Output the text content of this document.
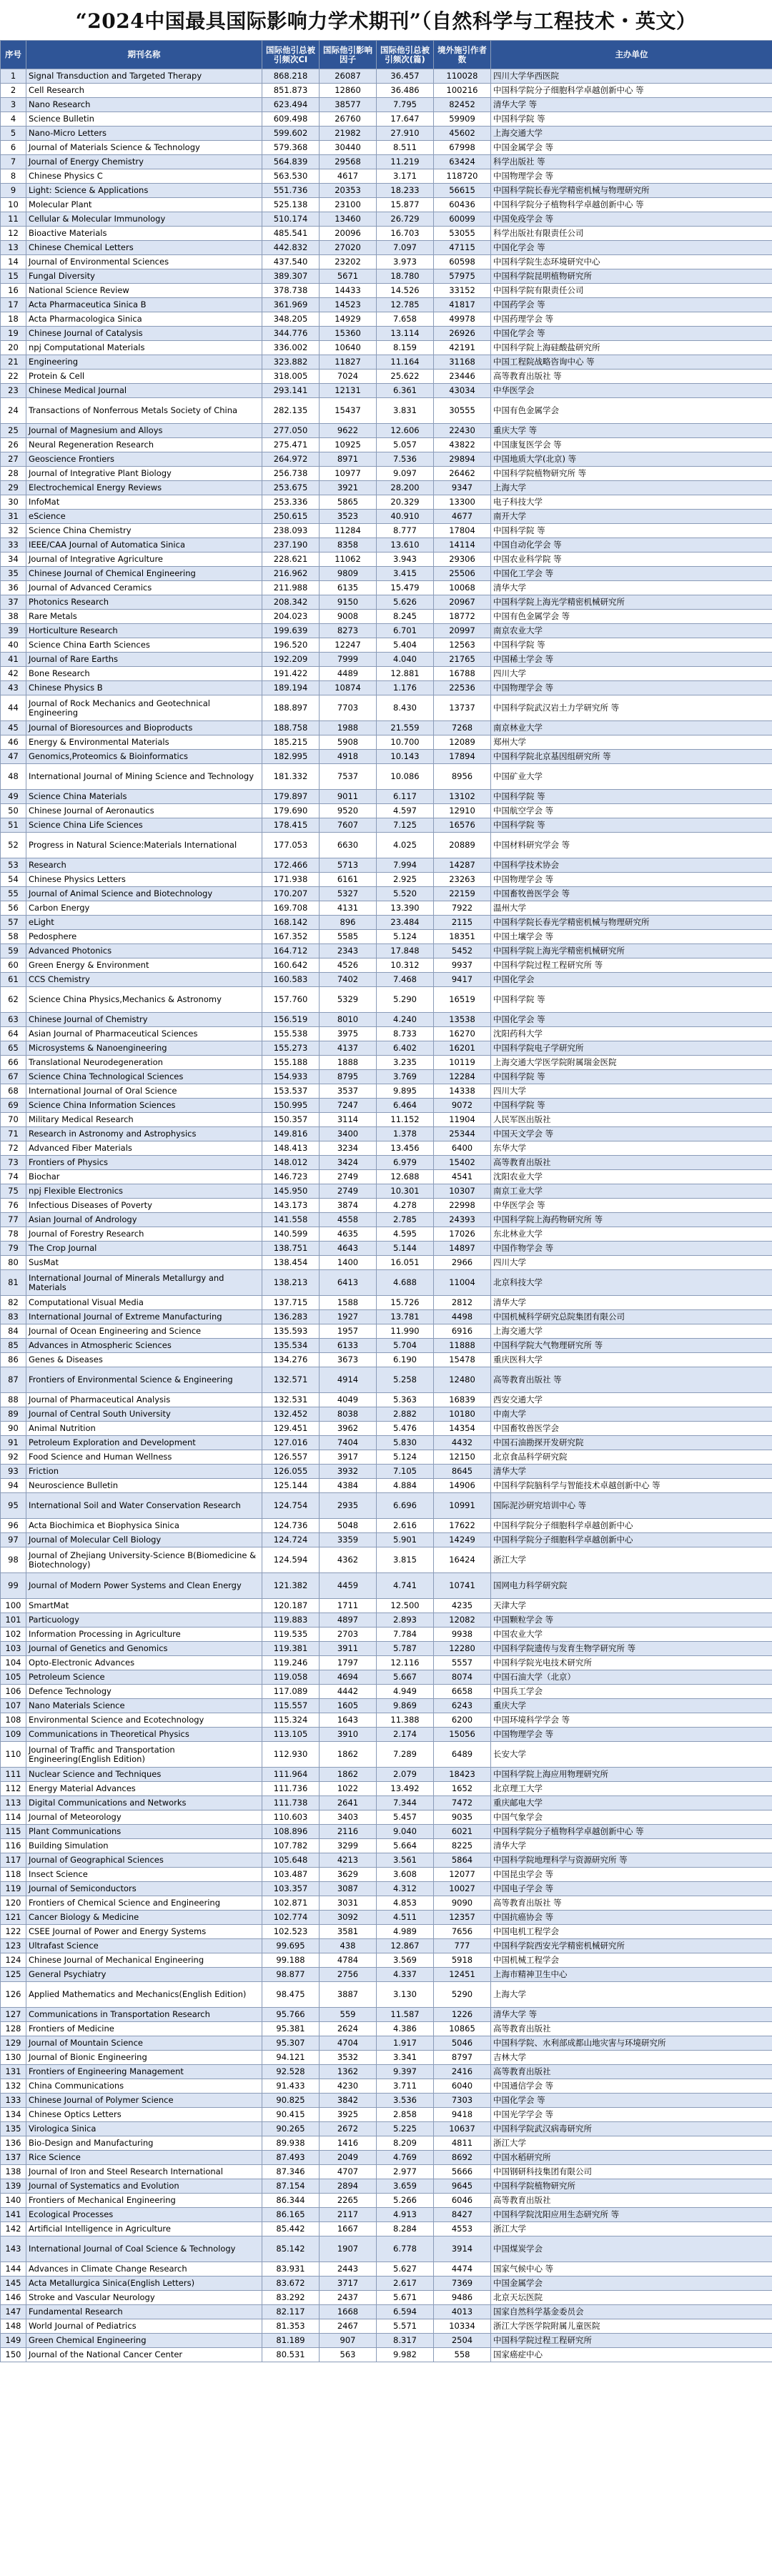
“2024中国最具国际影响力学术期刊”（自然科学与工程技术・英文）
序号	期刊名称	国际他引总被引频次CI	国际他引影响因子	国际他引总被引频次(篇)	境外施引作者数	主办单位
1	Signal Transduction and Targeted Therapy	868.218	26087	36.457	110028	四川大学华西医院
2	Cell Research	851.873	12860	36.486	100216	中国科学院分子细胞科学卓越创新中心 等
3	Nano Research	623.494	38577	7.795	82452	清华大学 等
4	Science Bulletin	609.498	26760	17.647	59909	中国科学院 等
5	Nano-Micro Letters	599.602	21982	27.910	45602	上海交通大学
6	Journal of Materials Science & Technology	579.368	30440	8.511	67998	中国金属学会 等
7	Journal of Energy Chemistry	564.839	29568	11.219	63424	科学出版社 等
8	Chinese Physics C	563.530	4617	3.171	118720	中国物理学会 等
9	Light: Science & Applications	551.736	20353	18.233	56615	中国科学院长春光学精密机械与物理研究所
10	Molecular Plant	525.138	23100	15.877	60436	中国科学院分子植物科学卓越创新中心 等
11	Cellular & Molecular Immunology	510.174	13460	26.729	60099	中国免疫学会 等
12	Bioactive Materials	485.541	20096	16.703	53055	科学出版社有限责任公司
13	Chinese Chemical Letters	442.832	27020	7.097	47115	中国化学会 等
14	Journal of Environmental Sciences	437.540	23202	3.973	60598	中国科学院生态环境研究中心
15	Fungal Diversity	389.307	5671	18.780	57975	中国科学院昆明植物研究所
16	National Science Review	378.738	14433	14.526	33152	中国科学院有限责任公司
17	Acta Pharmaceutica Sinica B	361.969	14523	12.785	41817	中国药学会 等
18	Acta Pharmacologica Sinica	348.205	14929	7.658	49978	中国药理学会 等
19	Chinese Journal of Catalysis	344.776	15360	13.114	26926	中国化学会 等
20	npj Computational Materials	336.002	10640	8.159	42191	中国科学院上海硅酸盐研究所
21	Engineering	323.882	11827	11.164	31168	中国工程院战略咨询中心 等
22	Protein & Cell	318.005	7024	25.622	23446	高等教育出版社 等
23	Chinese Medical Journal	293.141	12131	6.361	43034	中华医学会
24	Transactions of Nonferrous Metals Society of China	282.135	15437	3.831	30555	中国有色金属学会
25	Journal of Magnesium and Alloys	277.050	9622	12.606	22430	重庆大学 等
26	Neural Regeneration Research	275.471	10925	5.057	43822	中国康复医学会 等
27	Geoscience Frontiers	264.972	8971	7.536	29894	中国地质大学(北京) 等
28	Journal of Integrative Plant Biology	256.738	10977	9.097	26462	中国科学院植物研究所 等
29	Electrochemical Energy Reviews	253.675	3921	28.200	9347	上海大学
30	InfoMat	253.336	5865	20.329	13300	电子科技大学
31	eScience	250.615	3523	40.910	4677	南开大学
32	Science China Chemistry	238.093	11284	8.777	17804	中国科学院 等
33	IEEE/CAA Journal of Automatica Sinica	237.190	8358	13.610	14114	中国自动化学会 等
34	Journal of Integrative Agriculture	228.621	11062	3.943	29306	中国农业科学院 等
35	Chinese Journal of Chemical Engineering	216.962	9809	3.415	25506	中国化工学会 等
36	Journal of Advanced Ceramics	211.988	6135	15.479	10068	清华大学
37	Photonics Research	208.342	9150	5.626	20967	中国科学院上海光学精密机械研究所
38	Rare Metals	204.023	9008	8.245	18772	中国有色金属学会 等
39	Horticulture Research	199.639	8273	6.701	20997	南京农业大学
40	Science China Earth Sciences	196.520	12247	5.404	12563	中国科学院 等
41	Journal of Rare Earths	192.209	7999	4.040	21765	中国稀土学会 等
42	Bone Research	191.422	4489	12.881	16788	四川大学
43	Chinese Physics B	189.194	10874	1.176	22536	中国物理学会 等
44	Journal of Rock Mechanics and Geotechnical Engineering	188.897	7703	8.430	13737	中国科学院武汉岩土力学研究所 等
45	Journal of Bioresources and Bioproducts	188.758	1988	21.559	7268	南京林业大学
46	Energy & Environmental Materials	185.215	5908	10.700	12089	郑州大学
47	Genomics,Proteomics & Bioinformatics	182.995	4918	10.143	17894	中国科学院北京基因组研究所 等
48	International Journal of Mining Science and Technology	181.332	7537	10.086	8956	中国矿业大学
49	Science China Materials	179.897	9011	6.117	13102	中国科学院 等
50	Chinese Journal of Aeronautics	179.690	9520	4.597	12910	中国航空学会 等
51	Science China Life Sciences	178.415	7607	7.125	16576	中国科学院 等
52	Progress in Natural Science:Materials International	177.053	6630	4.025	20889	中国材料研究学会 等
53	Research	172.466	5713	7.994	14287	中国科学技术协会
54	Chinese Physics Letters	171.938	6161	2.925	23263	中国物理学会 等
55	Journal of Animal Science and Biotechnology	170.207	5327	5.520	22159	中国畜牧兽医学会 等
56	Carbon Energy	169.708	4131	13.390	7922	温州大学
57	eLight	168.142	896	23.484	2115	中国科学院长春光学精密机械与物理研究所
58	Pedosphere	167.352	5585	5.124	18351	中国土壤学会 等
59	Advanced Photonics	164.712	2343	17.848	5452	中国科学院上海光学精密机械研究所
60	Green Energy & Environment	160.642	4526	10.312	9937	中国科学院过程工程研究所 等
61	CCS Chemistry	160.583	7402	7.468	9417	中国化学会
62	Science China Physics,Mechanics & Astronomy	157.760	5329	5.290	16519	中国科学院 等
63	Chinese Journal of Chemistry	156.519	8010	4.240	13538	中国化学会 等
64	Asian Journal of Pharmaceutical Sciences	155.538	3975	8.733	16270	沈阳药科大学
65	Microsystems & Nanoengineering	155.273	4137	6.402	16201	中国科学院电子学研究所
66	Translational Neurodegeneration	155.188	1888	3.235	10119	上海交通大学医学院附属瑞金医院
67	Science China Technological Sciences	154.933	8795	3.769	12284	中国科学院 等
68	International Journal of Oral Science	153.537	3537	9.895	14338	四川大学
69	Science China Information Sciences	150.995	7247	6.464	9072	中国科学院 等
70	Military Medical Research	150.357	3114	11.152	11904	人民军医出版社
71	Research in Astronomy and Astrophysics	149.816	3400	1.378	25344	中国天文学会 等
72	Advanced Fiber Materials	148.413	3234	13.456	6400	东华大学
73	Frontiers of Physics	148.012	3424	6.979	15402	高等教育出版社
74	Biochar	146.723	2749	12.688	4541	沈阳农业大学
75	npj Flexible Electronics	145.950	2749	10.301	10307	南京工业大学
76	Infectious Diseases of Poverty	143.173	3874	4.278	22998	中华医学会 等
77	Asian Journal of Andrology	141.558	4558	2.785	24393	中国科学院上海药物研究所 等
78	Journal of Forestry Research	140.599	4635	4.595	17026	东北林业大学
79	The Crop Journal	138.751	4643	5.144	14897	中国作物学会 等
80	SusMat	138.454	1400	16.051	2966	四川大学
81	International Journal of Minerals Metallurgy and Materials	138.213	6413	4.688	11004	北京科技大学
82	Computational Visual Media	137.715	1588	15.726	2812	清华大学
83	International Journal of Extreme Manufacturing	136.283	1927	13.781	4498	中国机械科学研究总院集团有限公司
84	Journal of Ocean Engineering and Science	135.593	1957	11.990	6916	上海交通大学
85	Advances in Atmospheric Sciences	135.534	6133	5.704	11888	中国科学院大气物理研究所 等
86	Genes & Diseases	134.276	3673	6.190	15478	重庆医科大学
87	Frontiers of Environmental Science & Engineering	132.571	4914	5.258	12480	高等教育出版社 等
88	Journal of Pharmaceutical Analysis	132.531	4049	5.363	16839	西安交通大学
89	Journal of Central South University	132.452	8038	2.882	10180	中南大学
90	Animal Nutrition	129.451	3962	5.476	14354	中国畜牧兽医学会
91	Petroleum Exploration and Development	127.016	7404	5.830	4432	中国石油勘探开发研究院
92	Food Science and Human Wellness	126.557	3917	5.124	12150	北京食品科学研究院
93	Friction	126.055	3932	7.105	8645	清华大学
94	Neuroscience Bulletin	125.144	4384	4.884	14906	中国科学院脑科学与智能技术卓越创新中心 等
95	International Soil and Water Conservation Research	124.754	2935	6.696	10991	国际泥沙研究培训中心 等
96	Acta Biochimica et Biophysica Sinica	124.736	5048	2.616	17622	中国科学院分子细胞科学卓越创新中心
97	Journal of Molecular Cell Biology	124.724	3359	5.901	14249	中国科学院分子细胞科学卓越创新中心
98	Journal of Zhejiang University-Science B(Biomedicine & Biotechnology)	124.594	4362	3.815	16424	浙江大学
99	Journal of Modern Power Systems and Clean Energy	121.382	4459	4.741	10741	国网电力科学研究院
100	SmartMat	120.187	1711	12.500	4235	天津大学
101	Particuology	119.883	4897	2.893	12082	中国颗粒学会 等
102	Information Processing in Agriculture	119.535	2703	7.784	9938	中国农业大学
103	Journal of Genetics and Genomics	119.381	3911	5.787	12280	中国科学院遗传与发育生物学研究所 等
104	Opto-Electronic Advances	119.246	1797	12.116	5557	中国科学院光电技术研究所
105	Petroleum Science	119.058	4694	5.667	8074	中国石油大学（北京）
106	Defence Technology	117.089	4442	4.949	6658	中国兵工学会
107	Nano Materials Science	115.557	1605	9.869	6243	重庆大学
108	Environmental Science and Ecotechnology	115.324	1643	11.388	6200	中国环境科学学会 等
109	Communications in Theoretical Physics	113.105	3910	2.174	15056	中国物理学会 等
110	Journal of Traffic and Transportation Engineering(English Edition)	112.930	1862	7.289	6489	长安大学
111	Nuclear Science and Techniques	111.964	1862	2.079	18423	中国科学院上海应用物理研究所
112	Energy Material Advances	111.736	1022	13.492	1652	北京理工大学
113	Digital Communications and Networks	111.738	2641	7.344	7472	重庆邮电大学
114	Journal of Meteorology	110.603	3403	5.457	9035	中国气象学会
115	Plant Communications	108.896	2116	9.040	6021	中国科学院分子植物科学卓越创新中心 等
116	Building Simulation	107.782	3299	5.664	8225	清华大学
117	Journal of Geographical Sciences	105.648	4213	3.561	5864	中国科学院地理科学与资源研究所 等
118	Insect Science	103.487	3629	3.608	12077	中国昆虫学会 等
119	Journal of Semiconductors	103.357	3087	4.312	10027	中国电子学会 等
120	Frontiers of Chemical Science and Engineering	102.871	3031	4.853	9090	高等教育出版社 等
121	Cancer Biology & Medicine	102.774	3092	4.511	12357	中国抗癌协会 等
122	CSEE Journal of Power and Energy Systems	102.523	3581	4.989	7656	中国电机工程学会
123	Ultrafast Science	99.695	438	12.867	777	中国科学院西安光学精密机械研究所
124	Chinese Journal of Mechanical Engineering	99.188	4784	3.569	5918	中国机械工程学会
125	General Psychiatry	98.877	2756	4.337	12451	上海市精神卫生中心
126	Applied Mathematics and Mechanics(English Edition)	98.475	3887	3.130	5290	上海大学
127	Communications in Transportation Research	95.766	559	11.587	1226	清华大学 等
128	Frontiers of Medicine	95.381	2624	4.386	10865	高等教育出版社
129	Journal of Mountain Science	95.307	4704	1.917	5046	中国科学院、水利部成都山地灾害与环境研究所
130	Journal of Bionic Engineering	94.121	3532	3.341	8797	吉林大学
131	Frontiers of Engineering Management	92.528	1362	9.397	2416	高等教育出版社
132	China Communications	91.433	4230	3.711	6040	中国通信学会 等
133	Chinese Journal of Polymer Science	90.825	3842	3.536	7303	中国化学会 等
134	Chinese Optics Letters	90.415	3925	2.858	9418	中国光学学会 等
135	Virologica Sinica	90.265	2672	5.225	10637	中国科学院武汉病毒研究所
136	Bio-Design and Manufacturing	89.938	1416	8.209	4811	浙江大学
137	Rice Science	87.493	2049	4.769	8692	中国水稻研究所
138	Journal of Iron and Steel Research International	87.346	4707	2.977	5666	中国钢研科技集团有限公司
139	Journal of Systematics and Evolution	87.154	2894	3.659	9645	中国科学院植物研究所
140	Frontiers of Mechanical Engineering	86.344	2265	5.266	6046	高等教育出版社
141	Ecological Processes	86.165	2117	4.913	8427	中国科学院沈阳应用生态研究所 等
142	Artificial Intelligence in Agriculture	85.442	1667	8.284	4553	浙江大学
143	International Journal of Coal Science & Technology	85.142	1907	6.778	3914	中国煤炭学会
144	Advances in Climate Change Research	83.931	2443	5.627	4474	国家气候中心 等
145	Acta Metallurgica Sinica(English Letters)	83.672	3717	2.617	7369	中国金属学会
146	Stroke and Vascular Neurology	83.292	2437	5.671	9486	北京天坛医院
147	Fundamental Research	82.117	1668	6.594	4013	国家自然科学基金委员会
148	World Journal of Pediatrics	81.353	2467	5.571	10334	浙江大学医学院附属儿童医院
149	Green Chemical Engineering	81.189	907	8.317	2504	中国科学院过程工程研究所
150	Journal of the National Cancer Center	80.531	563	9.982	558	国家癌症中心
